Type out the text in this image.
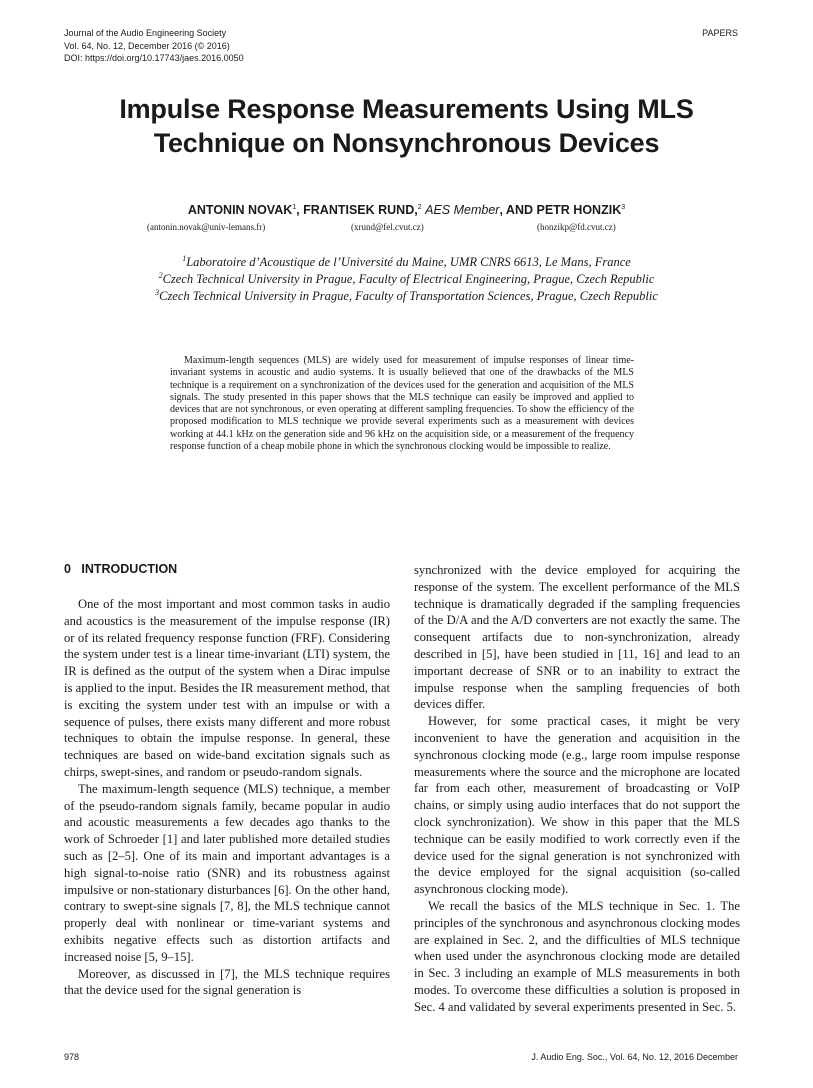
Journal of the Audio Engineering Society
Vol. 64, No. 12, December 2016 (© 2016)
DOI: https://doi.org/10.17743/jaes.2016.0050
PAPERS
Impulse Response Measurements Using MLS
Technique on Nonsynchronous Devices
ANTONIN NOVAK$^1$, FRANTISEK RUND,$^2$ AES Member, AND PETR HONZIK$^3$
(antonin.novak@univ-lemans.fr)	(xrund@fel.cvut.cz)	(honzikp@fd.cvut.cz)
$^1$Laboratoire d’Acoustique de l’Université du Maine, UMR CNRS 6613, Le Mans, France
$^2$Czech Technical University in Prague, Faculty of Electrical Engineering, Prague, Czech Republic
$^3$Czech Technical University in Prague, Faculty of Transportation Sciences, Prague, Czech Republic

Maximum-length sequences (MLS) are widely used for measurement of impulse responses of linear time-invariant systems in acoustic and audio systems. It is usually believed that one of the drawbacks of the MLS technique is a requirement on a synchronization of the devices used for the generation and acquisition of the MLS signals. The study presented in this paper shows that the MLS technique can easily be improved and applied to devices that are not synchronous, or even operating at different sampling frequencies. To show the efficiency of the proposed modification to MLS technique we provide several experiments such as a measurement with devices working at 44.1 kHz on the generation side and 96 kHz on the acquisition side, or a measurement of the frequency response function of a cheap mobile phone in which the synchronous clocking would be impossible to realize.

0 INTRODUCTION

One of the most important and most common tasks in audio and acoustics is the measurement of the impulse response (IR) or of its related frequency response function (FRF). Considering the system under test is a linear time-invariant (LTI) system, the IR is defined as the output of the system when a Dirac impulse is applied to the input. Besides the IR measurement method, that is exciting the system under test with an impulse or with a sequence of pulses, there exists many different and more robust techniques to obtain the impulse response. In general, these techniques are based on wide-band excitation signals such as chirps, swept-sines, and random or pseudo-random signals.

The maximum-length sequence (MLS) technique, a member of the pseudo-random signals family, became popular in audio and acoustic measurements a few decades ago thanks to the work of Schroeder [1] and later published more detailed studies such as [2–5]. One of its main and important advantages is a high signal-to-noise ratio (SNR) and its robustness against impulsive or non-stationary disturbances [6]. On the other hand, contrary to swept-sine signals [7, 8], the MLS technique cannot properly deal with nonlinear or time-variant systems and exhibits negative effects such as distortion artifacts and increased noise [5, 9–15].

Moreover, as discussed in [7], the MLS technique requires that the device used for the signal generation is

synchronized with the device employed for acquiring the response of the system. The excellent performance of the MLS technique is dramatically degraded if the sampling frequencies of the D/A and the A/D converters are not exactly the same. The consequent artifacts due to non-synchronization, already described in [5], have been studied in [11, 16] and lead to an important decrease of SNR or to an inability to extract the impulse response when the sampling frequencies of both devices differ.

However, for some practical cases, it might be very inconvenient to have the generation and acquisition in the synchronous clocking mode (e.g., large room impulse response measurements where the source and the microphone are located far from each other, measurement of broadcasting or VoIP chains, or simply using audio interfaces that do not support the clock synchronization). We show in this paper that the MLS technique can be easily modified to work correctly even if the device used for the signal generation is not synchronized with the device employed for the signal acquisition (so-called asynchronous clocking mode).

We recall the basics of the MLS technique in Sec. 1. The principles of the synchronous and asynchronous clocking modes are explained in Sec. 2, and the difficulties of MLS technique when used under the asynchronous clocking mode are detailed in Sec. 3 including an example of MLS measurements in both modes. To overcome these difficulties a solution is proposed in Sec. 4 and validated by several experiments presented in Sec. 5.

978	J. Audio Eng. Soc., Vol. 64, No. 12, 2016 December
